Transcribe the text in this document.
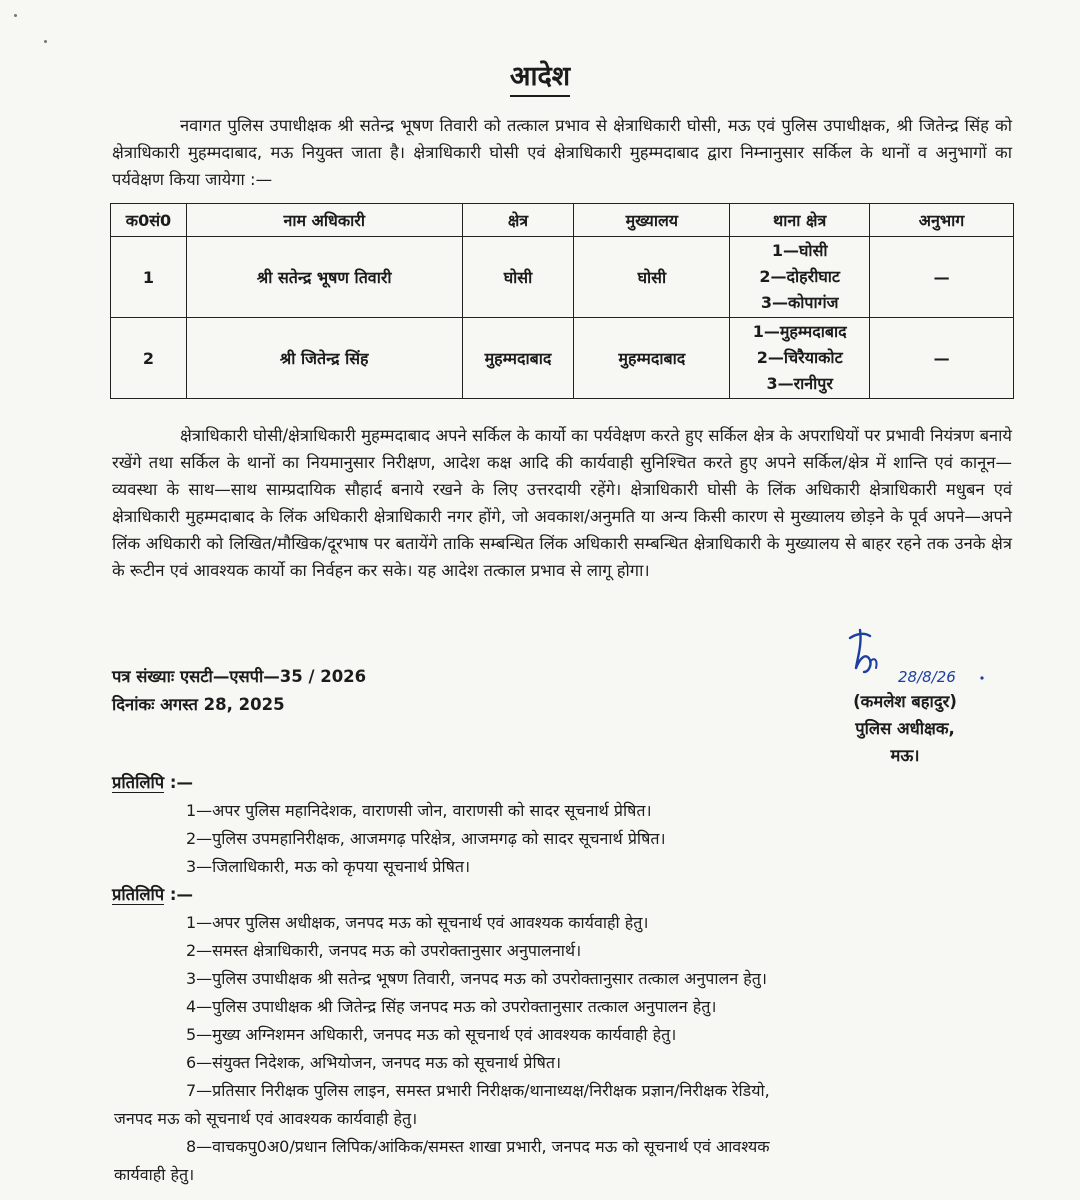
आदेश
नवागत पुलिस उपाधीक्षक श्री सतेन्द्र भूषण तिवारी को तत्काल प्रभाव से क्षेत्राधिकारी घोसी, मऊ एवं पुलिस उपाधीक्षक, श्री जितेन्द्र सिंह को क्षेत्राधिकारी मुहम्मदाबाद, मऊ नियुक्त जाता है। क्षेत्राधिकारी घोसी एवं क्षेत्राधिकारी मुहम्मदाबाद द्वारा निम्नानुसार सर्किल के थानों व अनुभागों का पर्यवेक्षण किया जायेगा :—
क0सं0	नाम अधिकारी	क्षेत्र	मुख्यालय	थाना क्षेत्र	अनुभाग
1	श्री सतेन्द्र भूषण तिवारी	घोसी	घोसी	1—घोसी
2—दोहरीघाट
3—कोपागंज	—
2	श्री जितेन्द्र सिंह	मुहम्मदाबाद	मुहम्मदाबाद	1—मुहम्मदाबाद
2—चिरैयाकोट
3—रानीपुर	—
क्षेत्राधिकारी घोसी/क्षेत्राधिकारी मुहम्मदाबाद अपने सर्किल के कार्यो का पर्यवेक्षण करते हुए सर्किल क्षेत्र के अपराधियों पर प्रभावी नियंत्रण बनाये रखेंगे तथा सर्किल के थानों का नियमानुसार निरीक्षण, आदेश कक्ष आदि की कार्यवाही सुनिश्चित करते हुए अपने सर्किल/क्षेत्र में शान्ति एवं कानून—व्यवस्था के साथ—साथ साम्प्रदायिक सौहार्द बनाये रखने के लिए उत्तरदायी रहेंगे। क्षेत्राधिकारी घोसी के लिंक अधिकारी क्षेत्राधिकारी मधुबन एवं क्षेत्राधिकारी मुहम्मदाबाद के लिंक अधिकारी क्षेत्राधिकारी नगर होंगे, जो अवकाश/अनुमति या अन्य किसी कारण से मुख्यालय छोड़ने के पूर्व अपने—अपने लिंक अधिकारी को लिखित/मौखिक/दूरभाष पर बतायेंगे ताकि सम्बन्धित लिंक अधिकारी सम्बन्धित क्षेत्राधिकारी के मुख्यालय से बाहर रहने तक उनके क्षेत्र के रूटीन एवं आवश्यक कार्यो का निर्वहन कर सके। यह आदेश तत्काल प्रभाव से लागू होगा।
पत्र संख्याः एसटी—एसपी—35 / 2026
दिनांकः अगस्त 28, 2025
28/8/26
(कमलेश बहादुर)
पुलिस अधीक्षक,
मऊ।
प्रतिलिपि :—
1—अपर पुलिस महानिदेशक, वाराणसी जोन, वाराणसी को सादर सूचनार्थ प्रेषित।
2—पुलिस उपमहानिरीक्षक, आजमगढ़ परिक्षेत्र, आजमगढ़ को सादर सूचनार्थ प्रेषित।
3—जिलाधिकारी, मऊ को कृपया सूचनार्थ प्रेषित।
प्रतिलिपि :—
1—अपर पुलिस अधीक्षक, जनपद मऊ को सूचनार्थ एवं आवश्यक कार्यवाही हेतु।
2—समस्त क्षेत्राधिकारी, जनपद मऊ को उपरोक्तानुसार अनुपालनार्थ।
3—पुलिस उपाधीक्षक श्री सतेन्द्र भूषण तिवारी, जनपद मऊ को उपरोक्तानुसार तत्काल अनुपालन हेतु।
4—पुलिस उपाधीक्षक श्री जितेन्द्र सिंह जनपद मऊ को उपरोक्तानुसार तत्काल अनुपालन हेतु।
5—मुख्य अग्निशमन अधिकारी, जनपद मऊ को सूचनार्थ एवं आवश्यक कार्यवाही हेतु।
6—संयुक्त निदेशक, अभियोजन, जनपद मऊ को सूचनार्थ प्रेषित।
7—प्रतिसार निरीक्षक पुलिस लाइन, समस्त प्रभारी निरीक्षक/थानाध्यक्ष/निरीक्षक प्रज्ञान/निरीक्षक रेडियो,
जनपद मऊ को सूचनार्थ एवं आवश्यक कार्यवाही हेतु।
8—वाचकपु0अ0/प्रधान लिपिक/आंकिक/समस्त शाखा प्रभारी, जनपद मऊ को सूचनार्थ एवं आवश्यक
कार्यवाही हेतु।
